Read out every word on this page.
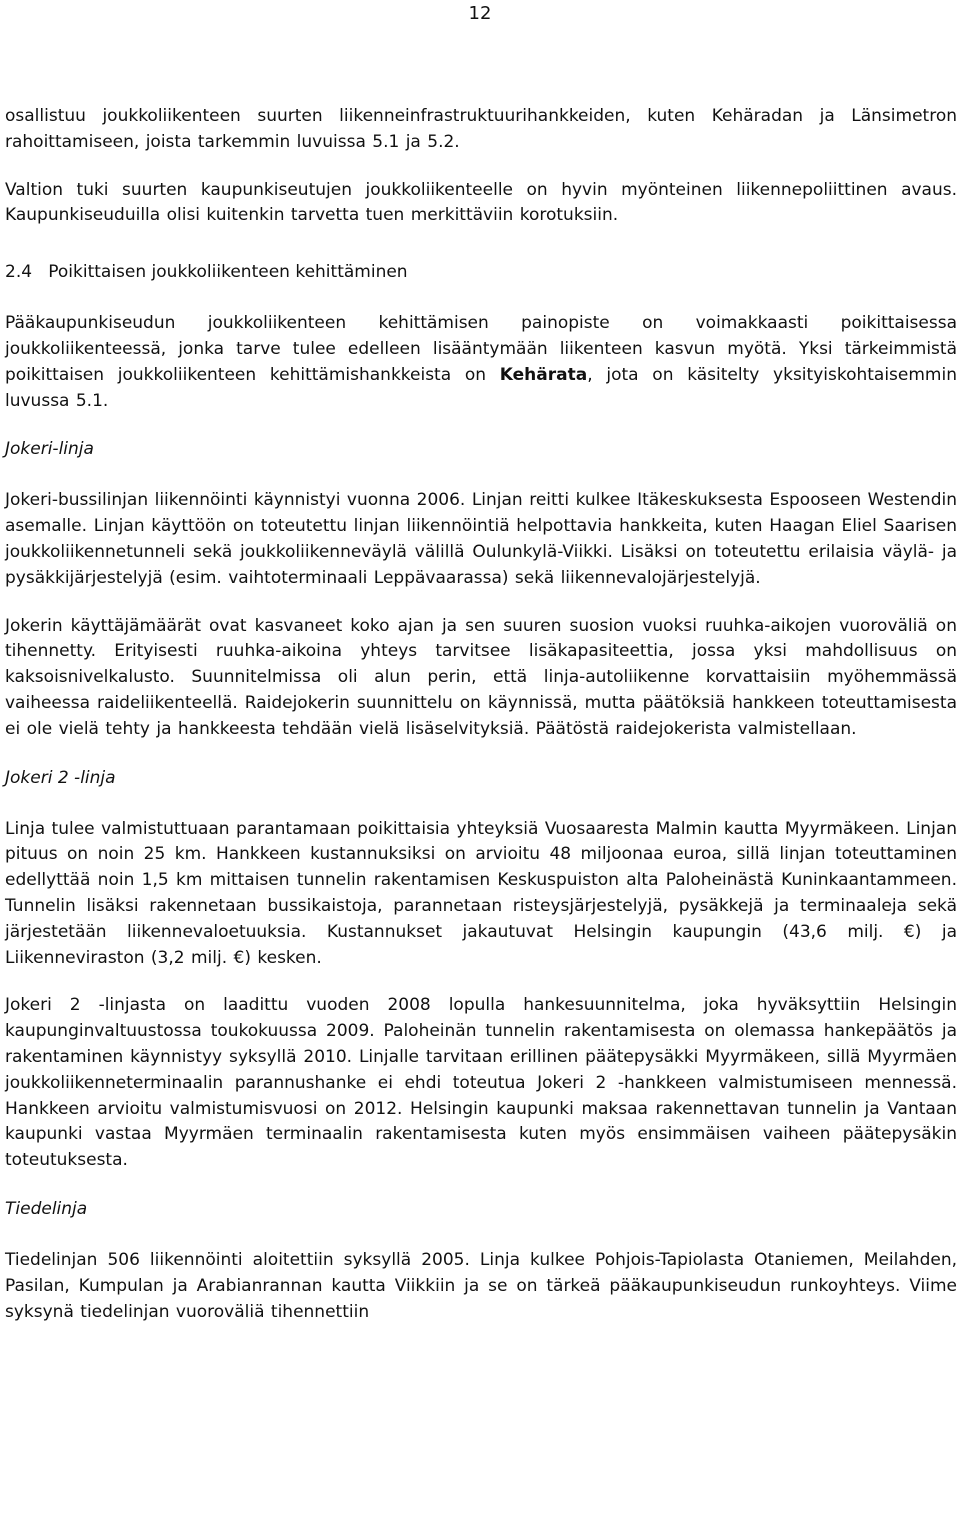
12

osallistuu joukkoliikenteen suurten liikenneinfrastruktuurihankkeiden, kuten Kehäradan ja Länsimetron rahoittamiseen, joista tarkemmin luvuissa 5.1 ja 5.2.

Valtion tuki suurten kaupunkiseutujen joukkoliikenteelle on hyvin myönteinen liikennepoliittinen avaus. Kaupunkiseuduilla olisi kuitenkin tarvetta tuen merkittäviin korotuksiin.

2.4   Poikittaisen joukkoliikenteen kehittäminen

Pääkaupunkiseudun joukkoliikenteen kehittämisen painopiste on voimakkaasti poikittaisessa joukkoliikenteessä, jonka tarve tulee edelleen lisääntymään liikenteen kasvun myötä. Yksi tärkeimmistä poikittaisen joukkoliikenteen kehittämishankkeista on Kehärata, jota on käsitelty yksityiskohtaisemmin luvussa 5.1.

Jokeri-linja

Jokeri-bussilinjan liikennöinti käynnistyi vuonna 2006. Linjan reitti kulkee Itäkeskuksesta Espooseen Westendin asemalle. Linjan käyttöön on toteutettu linjan liikennöintiä helpottavia hankkeita, kuten Haagan Eliel Saarisen joukkoliikennetunneli sekä joukkoliikenneväylä välillä Oulunkylä-Viikki. Lisäksi on toteutettu erilaisia väylä- ja pysäkkijärjestelyjä (esim. vaihtoterminaali Leppävaarassa) sekä liikennevalojärjestelyjä.

Jokerin käyttäjämäärät ovat kasvaneet koko ajan ja sen suuren suosion vuoksi ruuhka-aikojen vuoroväliä on tihennetty. Erityisesti ruuhka-aikoina yhteys tarvitsee lisäkapasiteettia, jossa yksi mahdollisuus on kaksoisnivelkalusto. Suunnitelmissa oli alun perin, että linja-autoliikenne korvattaisiin myöhemmässä vaiheessa raideliikenteellä. Raidejokerin suunnittelu on käynnissä, mutta päätöksiä hankkeen toteuttamisesta ei ole vielä tehty ja hankkeesta tehdään vielä lisäselvityksiä. Päätöstä raidejokerista valmistellaan.

Jokeri 2 -linja

Linja tulee valmistuttuaan parantamaan poikittaisia yhteyksiä Vuosaaresta Malmin kautta Myyrmäkeen. Linjan pituus on noin 25 km. Hankkeen kustannuksiksi on arvioitu 48 miljoonaa euroa, sillä linjan toteuttaminen edellyttää noin 1,5 km mittaisen tunnelin rakentamisen Keskuspuiston alta Paloheinästä Kuninkaantammeen. Tunnelin lisäksi rakennetaan bussikaistoja, parannetaan risteysjärjestelyjä, pysäkkejä ja terminaaleja sekä järjestetään liikennevaloetuuksia. Kustannukset jakautuvat Helsingin kaupungin (43,6 milj. €) ja Liikenneviraston (3,2 milj. €) kesken.

Jokeri 2 -linjasta on laadittu vuoden 2008 lopulla hankesuunnitelma, joka hyväksyttiin Helsingin kaupunginvaltuustossa toukokuussa 2009. Paloheinän tunnelin rakentamisesta on olemassa hankepäätös ja rakentaminen käynnistyy syksyllä 2010. Linjalle tarvitaan erillinen päätepysäkki Myyrmäkeen, sillä Myyrmäen joukkoliikenneterminaalin parannushanke ei ehdi toteutua Jokeri 2 -hankkeen valmistumiseen mennessä. Hankkeen arvioitu valmistumisvuosi on 2012. Helsingin kaupunki maksaa rakennettavan tunnelin ja Vantaan kaupunki vastaa Myyrmäen terminaalin rakentamisesta kuten myös ensimmäisen vaiheen päätepysäkin toteutuksesta.

Tiedelinja

Tiedelinjan 506 liikennöinti aloitettiin syksyllä 2005. Linja kulkee Pohjois-Tapiolasta Otaniemen, Meilahden, Pasilan, Kumpulan ja Arabianrannan kautta Viikkiin ja se on tärkeä pääkaupunkiseudun runkoyhteys. Viime syksynä tiedelinjan vuoroväliä tihennettiin
